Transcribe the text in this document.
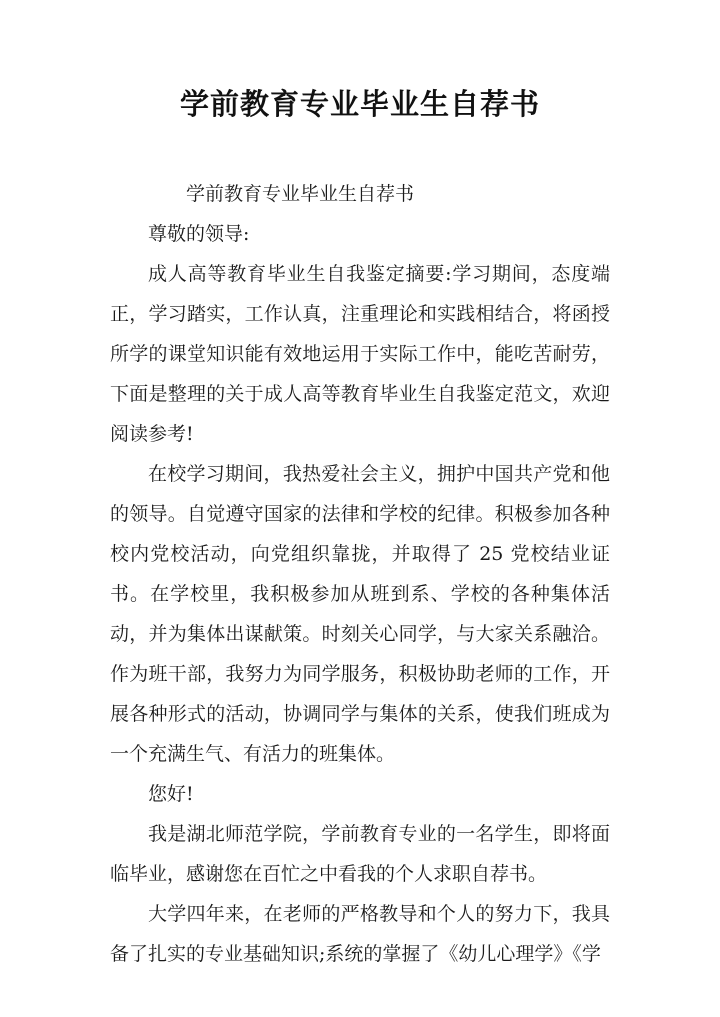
学前教育专业毕业生自荐书

学前教育专业毕业生自荐书

尊敬的领导:

成人高等教育毕业生自我鉴定摘要:学习期间，态度端正，学习踏实，工作认真，注重理论和实践相结合，将函授所学的课堂知识能有效地运用于实际工作中，能吃苦耐劳，下面是整理的关于成人高等教育毕业生自我鉴定范文，欢迎阅读参考!

在校学习期间，我热爱社会主义，拥护中国共产党和他的领导。自觉遵守国家的法律和学校的纪律。积极参加各种校内党校活动，向党组织靠拢，并取得了 25 党校结业证书。在学校里，我积极参加从班到系、学校的各种集体活动，并为集体出谋献策。时刻关心同学，与大家关系融洽。作为班干部，我努力为同学服务，积极协助老师的工作，开展各种形式的活动，协调同学与集体的关系，使我们班成为一个充满生气、有活力的班集体。

您好!

我是湖北师范学院，学前教育专业的一名学生，即将面临毕业，感谢您在百忙之中看我的个人求职自荐书。

大学四年来，在老师的严格教导和个人的努力下，我具备了扎实的专业基础知识;系统的掌握了《幼儿心理学》《学
